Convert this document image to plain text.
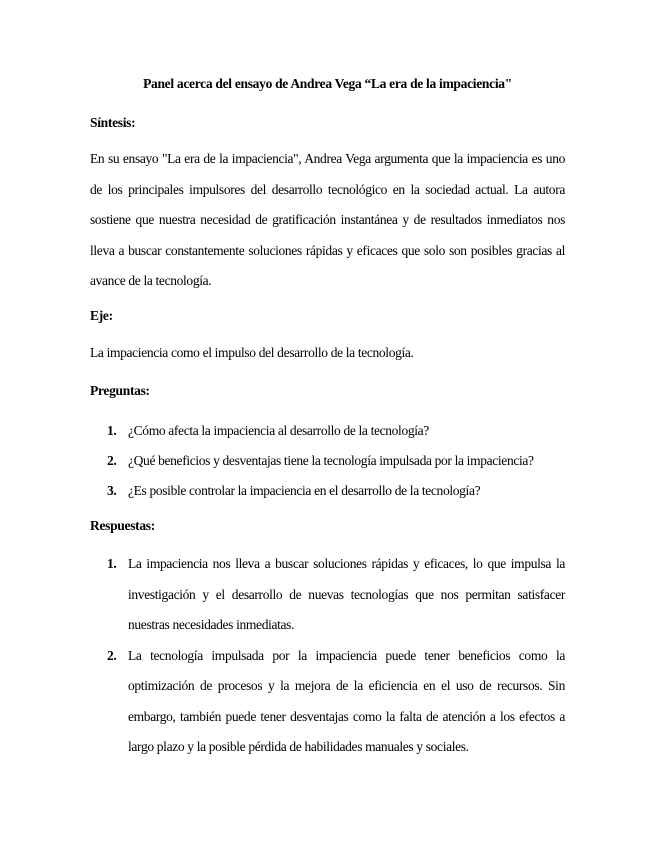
Panel acerca del ensayo de Andrea Vega “La era de la impaciencia"
Síntesis:

En su ensayo "La era de la impaciencia", Andrea Vega argumenta que la impaciencia es uno de los principales impulsores del desarrollo tecnológico en la sociedad actual. La autora sostiene que nuestra necesidad de gratificación instantánea y de resultados inmediatos nos lleva a buscar constantemente soluciones rápidas y eficaces que solo son posibles gracias al avance de la tecnología.

Eje:

La impaciencia como el impulso del desarrollo de la tecnología.

Preguntas:
1. ¿Cómo afecta la impaciencia al desarrollo de la tecnología?
2. ¿Qué beneficios y desventajas tiene la tecnología impulsada por la impaciencia?
3. ¿Es posible controlar la impaciencia en el desarrollo de la tecnología?
Respuestas:
1. La impaciencia nos lleva a buscar soluciones rápidas y eficaces, lo que impulsa la investigación y el desarrollo de nuevas tecnologías que nos permitan satisfacer nuestras necesidades inmediatas.
2. La tecnología impulsada por la impaciencia puede tener beneficios como la optimización de procesos y la mejora de la eficiencia en el uso de recursos. Sin embargo, también puede tener desventajas como la falta de atención a los efectos a largo plazo y la posible pérdida de habilidades manuales y sociales.
